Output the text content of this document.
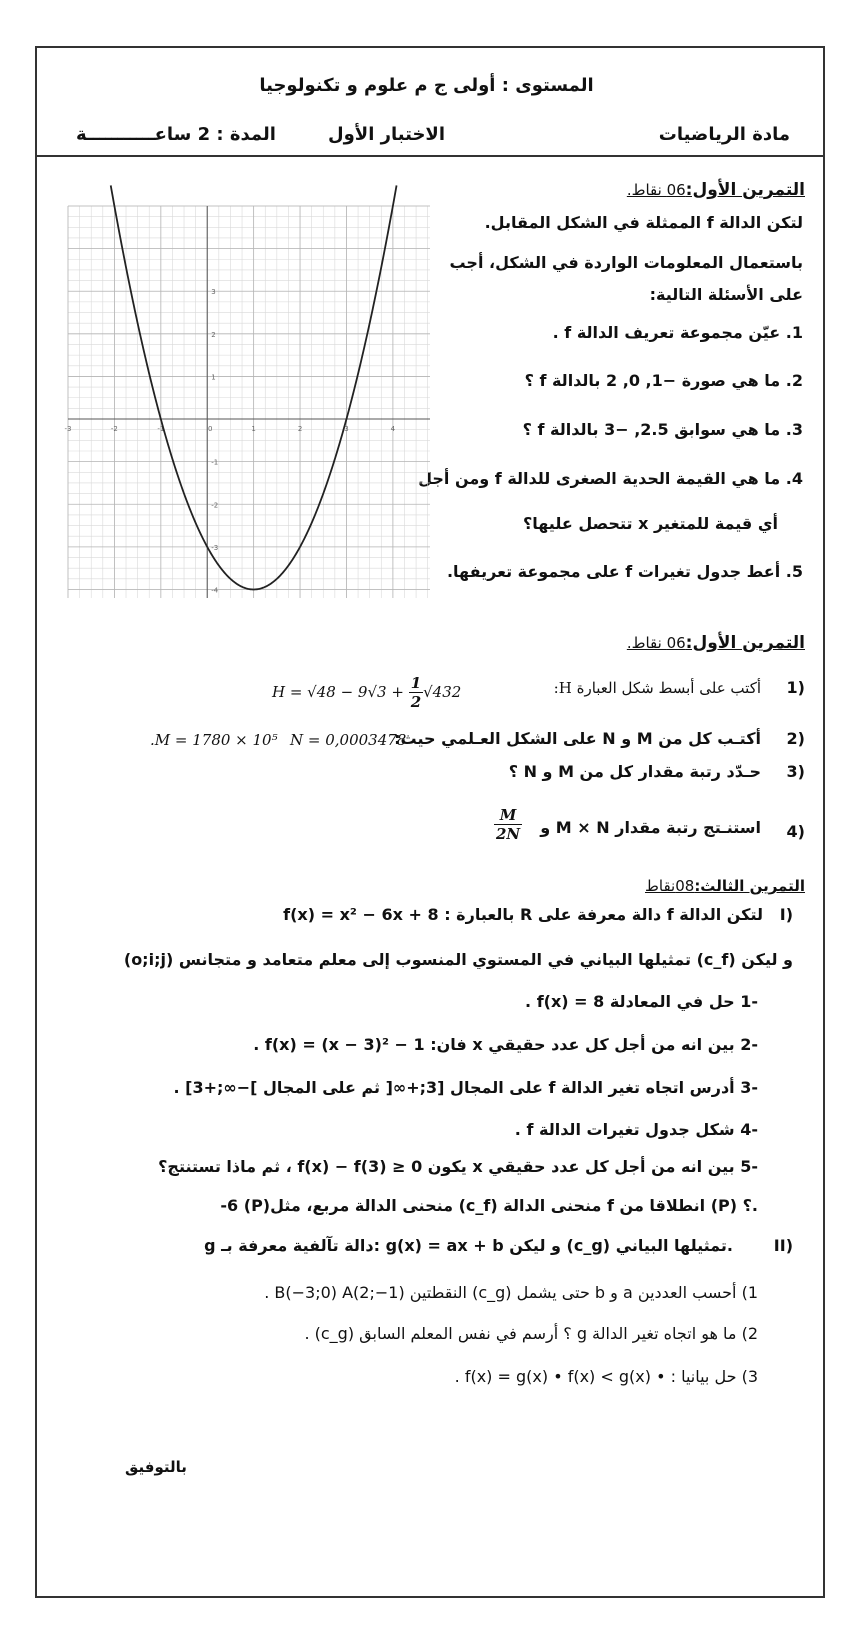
المستوى : أولى ج م علوم و تكنولوجيا
مادة الرياضيات
الاختبار الأول
المدة : 2 ساعـــــــــــة
التمرين الأول:06 نقاط.
لتكن الدالة f الممثلة في الشكل المقابل.
باستعمال المعلومات الواردة في الشكل، أجب
على الأسئلة التالية:
1. عيّن مجموعة تعريف الدالة f .
2. ما هي صورة −1, 0, 2 بالدالة f ؟
3. ما هي سوابق 2.5, −3 بالدالة f ؟
4. ما هي القيمة الحدية الصغرى للدالة f ومن أجل
أي قيمة للمتغير x تتحصل عليها؟
5. أعط جدول تغيرات f على مجموعة تعريفها.
-3	-2	-1	0	1	2	3	4
3
2
1
-1
-2
-3
-4
التمرين الأول:06 نقاط.
أكتب على أبسط شكل العبارة H:
$H = √48 - 9√3 + \frac{1}{2} √432$	1)
أكتـب كل من M و N على الشكل العـلمي حيث:
N = 0,0003478
.M = 1780 × 10⁵	2)
حـدّد رتبة مقدار كل من M و N ؟ 3)
استنـتج رتبة مقدار M × N و
$\frac{M}{2N}$	4)
التمرين الثالث:08نقاط
I)
لتكن الدالة f دالة معرفة على R بالعبارة : f(x) = x² − 6x + 8
و ليكن (c_f) تمثيلها البياني في المستوي المنسوب إلى معلم متعامد و متجانس (o;i;j)
-1 حل في المعادلة f(x) = 8 .
-2 بين انه من أجل كل عدد حقيقي x فان: f(x) = (x − 3)² − 1 .
-3 أدرس اتجاه تغير الدالة f على المجال [3;+∞[ ثم على المجال ]−∞;+3] .
-4 شكل جدول تغيرات الدالة f .
-5 بين انه من أجل كل عدد حقيقي x يكون f(x) − f(3) ≥ 0 ، ثم ماذا تستنتج؟
-6 (P)منحنى الدالة مربع، مثل (c_f) منحنى الدالة f انطلاقا من (P) ؟.
II)
g دالة تآلفية معرفة بـ: g(x) = ax + b و ليكن (c_g) تمثيلها البياني.
1) أحسب العددين a و b حتى يشمل (c_g) النقطتين B(−3;0) A(2;−1) .
2) ما هو اتجاه تغير الدالة g ؟ أرسم في نفس المعلم السابق (c_g) .
3) حل بيانيا : • f(x) = g(x) • f(x) < g(x) .
بالتوفيق
